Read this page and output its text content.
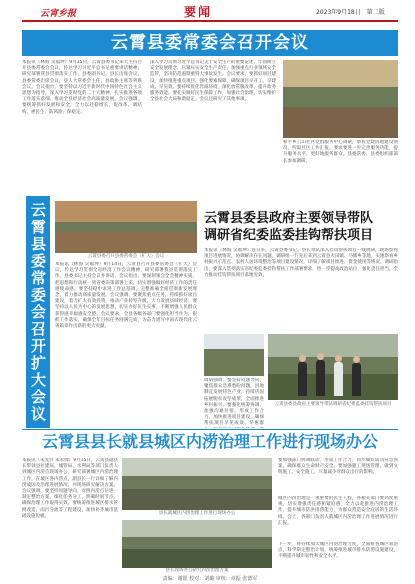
云宵乡报	要闻	2023年9月18日　第二版
云霄县委常委会召开会议
本报讯（林海 吴福坤）9月15日，云霄县委书记朱大主持召开县委常委会会议，传达学习习近平总书记重要讲话精神，研究部署我县贯彻落实工作。县委副书记、县长出席会议，县委常委出席会议，县人大常委会主任、县政协主席等列席会议。会议指出，要坚持以习近平新时代中国特色社会主义思想为指导，深入学习贯彻党的二十大精神，扎实推进各项工作落实落细，推动全县经济社会高质量发展。会议强调，要统筹抓好发展和安全，全力以赴稳增长、促改革、调结构、惠民生、防风险、保稳定。
深入学习贯彻习近平总书记关于安全生产的重要论述，牢固树立安全发展理念，压紧压实安全生产责任，加强重点行业领域安全监管，坚决防范遏制重特大事故发生。会议要求，要抓好项目建设，加快推进重点项目，强化要素保障，确保项目早开工、早建成、早见效。要持续优化营商环境，深化放管服改革，提升政务服务效能。要扎实做好民生保障工作，加强社会治理，切实维护全县社会大局和谐稳定。会议还研究了其他事项。
和平乡云山社区党群服务中心调研，察看党建阵地建设情况，听取社区工作汇报。要求要进一步完善服务功能，提升服务水平，更好地服务群众。县委常委、县委组织部部长参加调研。
云霄县委常委会召开扩大会议	云霄县委召开县委常委会（扩大）会议
本报讯（林海 吴福坤）9月14日，云霄县召开县委常委会（扩大）会议，传达学习贯彻全省经济工作会议精神，研究部署我县贯彻落实工作。县委书记主持会议并讲话。会议指出，要深刻领会全会精神实质，把思想和行动统一到省委决策部署上来，切实增强做好经济工作的责任感使命感。要坚持稳中求进工作总基调，完整准确全面贯彻新发展理念，着力推动高质量发展。会议强调，要聚焦重点任务，持续抓好项目建设，着力扩大有效投资，推动产业转型升级，大力发展县域经济；要坚持以人民为中心的发展思想，切实办好民生实事，不断增强人民群众获得感幸福感安全感。会议要求，全县各级各部门要强化担当作为，狠抓工作落实，确保全年目标任务圆满完成，为奋力谱写中国式现代化云霄篇章作出新的更大贡献。
云霄县委县政府主要领导带队
调研省纪委监委挂钩帮扶项目
本报讯（林海 吴福坤）连日来，云霄县委书记、县长带队深入挂钩帮扶项目一线调研，现场察看项目进展情况，协调解决存在问题。调研组一行先后来到云霄县火田镇、马铺乡等地，实地察看乡村振兴示范点、农村人居环境整治等项目建设情况，详细了解项目推进、资金使用等情况。调研指出，要深入贯彻落实省纪委监委挂钩帮扶工作部署要求，进一步提高政治站位，强化责任担当，全力推动挂钩帮扶项目落地见效。
调研强调，要坚持问题导向，聚焦群众急难愁盼问题，因地制宜发展特色产业，持续巩固拓展脱贫攻坚成果，全面推进乡村振兴。要强化统筹协调，加强沟通对接，形成工作合力，加快推进项目建设，确保帮扶项目早见成效、早惠群
云霄县委县政府主要领导带队调研省纪委监委挂钩帮扶项目
云霄县县长就县城区内涝治理工作进行现场办公
本报讯（朱先付 朱永帅）9月15日，云霄县副县长带领县住建局、城管局、水利局等部门负责人到城区内涝点现场办公，研究部署城区内涝治理工作。在城区各内涝点，副县长一行详细了解内涝成因及治理进展情况，并现场研究解决方案。会议强调，要坚持问题导向，对照内涝点位逐一制定整治方案，细化任务分工，明确时间节点，确保治理工作取得实效。要统筹推进城区排水管网改造、雨污分流等工程建设，加快补齐城市基础设施短板。
县长就城区内涝治理工作进行现场办公
县长现场办公研究内涝治理方案
要加强部门协调联动，形成工作合力，同步做好防汛应急预案，确保群众生命财产安全。要加强施工现场管理，做到文明施工、安全施工，尽量减少对群众出行的影响。
城区内涝治理是一项重要的民生工程，各相关部门要高度重视，切实增强责任感和紧迫感，全力以赴推进内涝治理工作，提升城市防洪排涝能力，为群众营造安全宜居的生活环境。会上，各部门负责人就城区内涝治理工作进展情况进行汇报。
下一步，将持续加大城区内涝治理力度，全面排查城区易涝点，科学制定整治计划，统筹推进城市排水防涝设施建设，不断提升城市韧性和安全水平。
责编：谢银 校对：刘璐 审核：章振 张德军
